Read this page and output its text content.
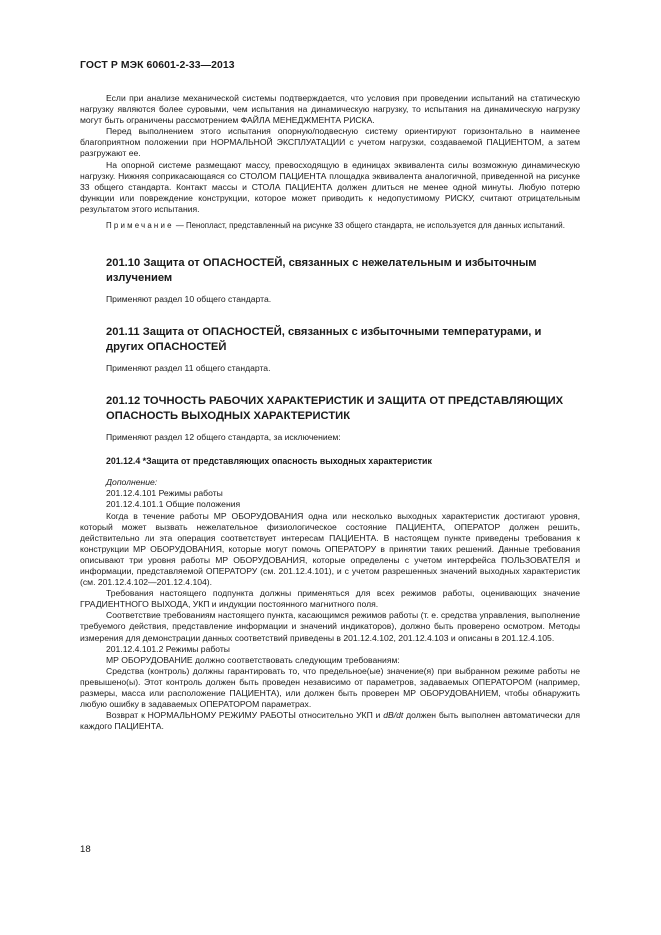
ГОСТ Р МЭК 60601-2-33—2013

Если при анализе механической системы подтверждается, что условия при проведении испытаний на статическую нагрузку являются более суровыми, чем испытания на динамическую нагрузку, то испытания на динамическую нагрузку могут быть ограничены рассмотрением ФАЙЛА МЕНЕДЖМЕНТА РИСКА.

Перед выполнением этого испытания опорную/подвесную систему ориентируют горизонтально в наименее благоприятном положении при НОРМАЛЬНОЙ ЭКСПЛУАТАЦИИ с учетом нагрузки, создаваемой ПАЦИЕНТОМ, а затем разгружают ее.

На опорной системе размещают массу, превосходящую в единицах эквивалента силы возможную динамическую нагрузку. Нижняя соприкасающаяся со СТОЛОМ ПАЦИЕНТА площадка эквивалента аналогичной, приведенной на рисунке 33 общего стандарта. Контакт массы и СТОЛА ПАЦИЕНТА должен длиться не менее одной минуты. Любую потерю функции или повреждение конструкции, которое может приводить к недопустимому РИСКУ, считают отрицательным результатом этого испытания.

Примечание — Пенопласт, представленный на рисунке 33 общего стандарта, не используется для данных испытаний.

201.10 Защита от ОПАСНОСТЕЙ, связанных с нежелательным и избыточным излучением
Применяют раздел 10 общего стандарта.
201.11 Защита от ОПАСНОСТЕЙ, связанных с избыточными температурами, и других ОПАСНОСТЕЙ
Применяют раздел 11 общего стандарта.
201.12 ТОЧНОСТЬ РАБОЧИХ ХАРАКТЕРИСТИК И ЗАЩИТА ОТ ПРЕДСТАВЛЯЮЩИХ ОПАСНОСТЬ ВЫХОДНЫХ ХАРАКТЕРИСТИК
Применяют раздел 12 общего стандарта, за исключением:
201.12.4 *Защита от представляющих опасность выходных характеристик

Дополнение:

201.12.4.101 Режимы работы

201.12.4.101.1 Общие положения

Когда в течение работы МР ОБОРУДОВАНИЯ одна или несколько выходных характеристик достигают уровня, который может вызвать нежелательное физиологическое состояние ПАЦИЕНТА, ОПЕРАТОР должен решить, действительно ли эта операция соответствует интересам ПАЦИЕНТА. В настоящем пункте приведены требования к конструкции МР ОБОРУДОВАНИЯ, которые могут помочь ОПЕРАТОРУ в принятии таких решений. Данные требования описывают три уровня работы МР ОБОРУДОВАНИЯ, которые определены с учетом интерфейса ПОЛЬЗОВАТЕЛЯ и информации, представляемой ОПЕРАТОРУ (см. 201.12.4.101), и с учетом разрешенных значений выходных характеристик (см. 201.12.4.102—201.12.4.104).

Требования настоящего подпункта должны применяться для всех режимов работы, оценивающих значение ГРАДИЕНТНОГО ВЫХОДА, УКП и индукции постоянного магнитного поля.

Соответствие требованиям настоящего пункта, касающимся режимов работы (т. е. средства управления, выполнение требуемого действия, представление информации и значений индикаторов), должно быть проверено осмотром. Методы измерения для демонстрации данных соответствий приведены в 201.12.4.102, 201.12.4.103 и описаны в 201.12.4.105.

201.12.4.101.2 Режимы работы

МР ОБОРУДОВАНИЕ должно соответствовать следующим требованиям:

Средства (контроль) должны гарантировать то, что предельное(ые) значение(я) при выбранном режиме работы не превышено(ы). Этот контроль должен быть проведен независимо от параметров, задаваемых ОПЕРАТОРОМ (например, размеры, масса или расположение ПАЦИЕНТА), или должен быть проверен МР ОБОРУДОВАНИЕМ, чтобы обнаружить любую ошибку в задаваемых ОПЕРАТОРОМ параметрах.

Возврат к НОРМАЛЬНОМУ РЕЖИМУ РАБОТЫ относительно УКП и dB/dt должен быть выполнен автоматически для каждого ПАЦИЕНТА.

18
